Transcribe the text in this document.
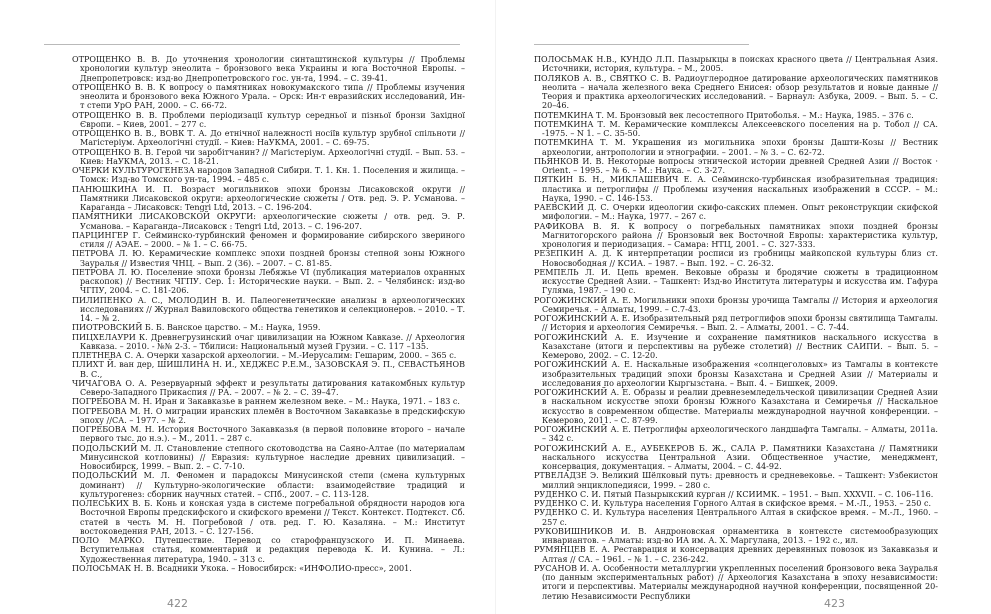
ОТРОЩЕНКО В. В. До уточнения хронологии синташтинской культуры // Проблемы хронологии культур энеолита – бронзового века Украины и юга Восточной Европы. – Днепропетровск: изд-во Днепропетровского гос. ун-та, 1994. – С. 39-41.

ОТРОЩЕНКО В. В. К вопросу о памятниках новокумакского типа // Проблемы изучения энеолита и бронзового века Южного Урала. – Орск: Ин-т евразийских исследований, Ин-т степи УрО РАН, 2000. – С. 66-72.

ОТРОЩЕНКО В. В. Проблеми періодизації культур середньої и пізньої бронзи Західної Європи. – Киев, 2001. – 277 с.

ОТРОЩЕНКО В. В., ВОВК Т. А. До етнічної належності носіїв культур зрубної спільноти // Магістеріум. Археологічні студії. – Киев: НаУКМА, 2001. – С. 69-75.

ОТРОЩЕНКО В. В. Герой чи заробітчанин? // Магістеріум. Археологічні студії. – Вып. 53. – Киев: НаУКМА, 2013. – С. 18-21.

ОЧЕРКИ КУЛЬТУРОГЕНЕЗА народов Западной Сибири. Т. 1. Кн. 1. Поселения и жилища. – Томск: Изд-во Томского ун-та, 1994. – 485 с.

ПАНЮШКИНА И. П. Возраст могильников эпохи бронзы Лисаковской округи // Памятники Лисаковской округи: археологические сюжеты / Отв. ред. Э. Р. Усманова. – Караганда – Лисаковск: Tengri Ltd, 2013. – С. 196-204.

ПАМЯТНИКИ ЛИСАКОВСКОЙ ОКРУГИ: археологические сюжеты / отв. ред. Э. Р. Усманова. – Караганда–Лисаковск : Tengri Ltd, 2013. – С. 196-207.

ПАРЦИНГЕР Г. Сейминско-турбинский феномен и формирование сибирского звериного стиля // АЭАЕ. – 2000. – № 1. – С. 66-75.

ПЕТРОВА Л. Ю. Керамические комплекс эпохи поздней бронзы степной зоны Южного Зауралья // Известия ЧНЦ. – Вып. 2 (36). – 2007. – С. 81-85.

ПЕТРОВА Л. Ю. Поселение эпохи бронзы Лебяжье VI (публикация материалов охранных раскопок) // Вестник ЧГПУ. Сер. 1: Исторические науки. – Вып. 2. – Челябинск: изд-во ЧГПУ, 2004. – С. 181-206.

ПИЛИПЕНКО А. С., МОЛОДИН В. И. Палеогенетические анализы в археологических исследованиях // Журнал Вавиловского общества генетиков и селекционеров. – 2010. – Т. 14. – № 2.

ПИОТРОВСКИЙ Б. Б. Ванское царство. – М.: Наука, 1959.

ПИЦХЕЛАУРИ К. Древнегрузинский очаг цивилизации на Южном Кавказе. // Археология Кавказа. – 2010. - №№ 2-3. – Тбилиси: Национальный музей Грузии. – С. 117 –135.

ПЛЕТНЕВА С. А. Очерки хазарской археологии. – М.-Иерусалим: Гешарим, 2000. – 365 с.

ПЛИХТ Й. ван дер, ШИШЛИНА Н. И., ХЕДЖЕС Р.Е.М., ЗАЗОВСКАЯ Э. П., СЕВАСТЬЯНОВ В. С.,

ЧИЧАГОВА О. А. Резервуарный эффект и результаты датирования катакомбных культур Северо-Западного Прикаспия // РА. – 2007. – № 2. – С. 39–47.

ПОГРЕБОВА М. Н. Иран и Закавказье в раннем железном веке. – М.: Наука, 1971. – 183 с.

ПОГРЕБОВА М. Н. О миграции иранских племён в Восточном Закавказье в предскифскую эпоху //СА. – 1977. – № 2.

ПОГРЕБОВА М. Н. История Восточного Закавказья (в первой половине второго – начале первого тыс. до н.э.). – М., 2011. – 287 с.

ПОДОЛЬСКИЙ М. Л. Становление степного скотоводства на Саяно-Алтае (по материалам Минусинской котловины) // Евразия: культурное наследие древних цивилизаций. – Новосибирск, 1999. – Вып. 2. – С. 7-10.

ПОДОЛЬСКИЙ М. Л. Феномен и парадоксы Минусинской степи (смена культурных доминант) // Культурно-экологические области: взаимодействие традиций и культурогенез: сборник научных статей. – СПб., 2007. – С. 113-128.

ПОЛЕСЬКИХ В. Б. Конь и конская узда в системе погребальной обрядности народов юга Восточной Европы предскифского и скифского времени // Текст. Контекст. Подтекст. Сб. статей в честь М. Н. Погребовой / отв. ред. Г. Ю. Казаляна. – М.: Институт востоковедения РАН, 2013. – С. 127-156.

ПОЛО МАРКО. Путешествие. Перевод со старофранцузского И. П. Минаева. Вступительная статья, комментарий и редакция перевода К. И. Кунина. – Л.: Художественная литература, 1940. – 313 с.

ПОЛОСЬМАК Н. В. Всадники Укока. – Новосибирск: «ИНФОЛИО-пресс», 2001.

422

ПОЛОСЬМАК Н.В., КУНДО Л.П. Пазырыкцы в поисках красного цвета // Центральная Азия. Источники, история, культура. – М., 2005.

ПОЛЯКОВ А. В., СВЯТКО С. В. Радиоуглеродное датирование археологических памятников неолита – начала железного века Среднего Енисея: обзор результатов и новые данные // Теория и практика археологических исследований. – Барнаул: Азбука, 2009. – Вып. 5. – С. 20–46.

ПОТЕМКИНА Т. М. Бронзовый век лесостепного Притоболья. – М.: Наука, 1985. – 376 с.

ПОТЕМКИНА Т. М. Керамические комплексы Алексеевского поселения на р. Тобол // СА. -1975. – N 1. – С. 35-50.

ПОТЕМКИНА Т. М. Украшения из могильника эпохи бронзы Дашти-Козы // Вестник археологии, антропологии и этнографии. – 2001. – № 3. – С. 62-72.

ПЬЯНКОВ И. В. Некоторые вопросы этнической истории древней Средней Азии // Восток · Orient. – 1995. – № 6. – М.: Наука. – С. 3-27.

ПЯТКИН Б. Н., МИКЛАШЕВИЧ Е. А. Сейминско-турбинская изобразительная традиция: пластика и петроглифы // Проблемы изучения наскальных изображений в СССР. – М.: Наука, 1990. – С. 146-153.

РАЕВСКИЙ Д. С. Очерки идеологии скифо-сакских племен. Опыт реконструкции скифской мифологии. – М.: Наука, 1977. – 267 с.

РАФИКОВА В. Я. К вопросу о погребальных памятниках эпохи поздней бронзы Магнитогорского района // Бронзовый век Восточной Европы: характеристика культур, хронология и периодизация. – Самара: НТЦ, 2001. – С. 327-333.

РЕЗЕПКИН А. Д. К интерпретации росписи из гробницы майкопской культуры близ ст. Новосвободная // КСИА. – 1987. – Вып. 192. – С. 26-32.

РЕМПЕЛЬ Л. И. Цепь времен. Вековые образы и бродячие сюжеты в традиционном искусстве Средней Азии. – Ташкент: Изд-во Института литературы и искусства им. Гафура Гуляма, 1987. – 190 с.

РОГОЖИНСКИЙ А. Е. Могильники эпохи бронзы урочища Тамгалы // История и археология Семиречья. – Алматы, 1999. – С.7-43.

РОГОЖИНСКИЙ А. Е. Изобразительный ряд петроглифов эпохи бронзы святилища Тамгалы. // История и археология Семиречья. – Вып. 2. – Алматы, 2001. – С. 7-44.

РОГОЖИНСКИЙ А. Е. Изучение и сохранение памятников наскального искусства в Казахстане (итоги и перспективы на рубеже столетий) // Вестник САИПИ. – Вып. 5. – Кемерово, 2002. – С. 12-20.

РОГОЖИНСКИЙ А. Е. Наскальные изображения «солнцеголовых» из Тамгалы в контексте изобразительных традиций эпохи бронзы Казахстана и Средней Азии // Материалы и исследования по археологии Кыргызстана. – Вып. 4. – Бишкек, 2009.

РОГОЖИНСКИЙ А. Е. Образы и реалии древнеземледельческой цивилизации Средней Азии в наскальном искусстве эпохи бронзы Южного Казахстана и Семиречья // Наскальное искусство в современном обществе. Материалы международной научной конференции. – Кемерово, 2011. – С. 87-99.

РОГОЖИНСКИЙ А. Е. Петроглифы археологического ландшафта Тамгалы. – Алматы, 2011а. – 342 с.

РОГОЖИНСКИЙ А. Е., АУБЕКЕРОВ Б. Ж., САЛА Р. Памятники Казахстана // Памятники наскального искусства Центральной Азии. Общественное участие, менеджмент, консервация, документация. – Алматы, 2004. – С. 44-92.

РТВЕЛАДЗЕ Э. Великий Шёлковый путь: древность и средневековье. – Ташкент: Узбекистон миллий энциклопедияси, 1999. – 280 с.

РУДЕНКО С. И. Пятый Пазырыкский курган // КСИИМК. – 1951. – Вып. XXXVII. – С. 106–116.

РУДЕНКО С. И. Культура населения Горного Алтая в скифское время. – М.-Л., 1953. – 250 с.

РУДЕНКО С. И. Культура населения Центрального Алтая в скифское время. – М.-Л., 1960. – 257 с.

РУКОВИШНИКОВ И. В. Андроновская орнаментика в контексте системообразующих инвариантов. – Алматы: изд-во ИА им. А. Х. Маргулана, 2013. – 192 с., ил.

РУМЯНЦЕВ Е. А. Реставрация и консервация древних деревянных повозок из Закавказья и Алтая // СА. – 1961. – № 1. – С. 236-242.

РУСАНОВ И. А. Особенности металлургии укрепленных поселений бронзового века Зауралья (по данным экспериментальных работ) // Археология Казахстана в эпоху независимости: итоги и перспективы. Материалы международной научной конференции, посвященной 20-летию Независимости Республики

423
